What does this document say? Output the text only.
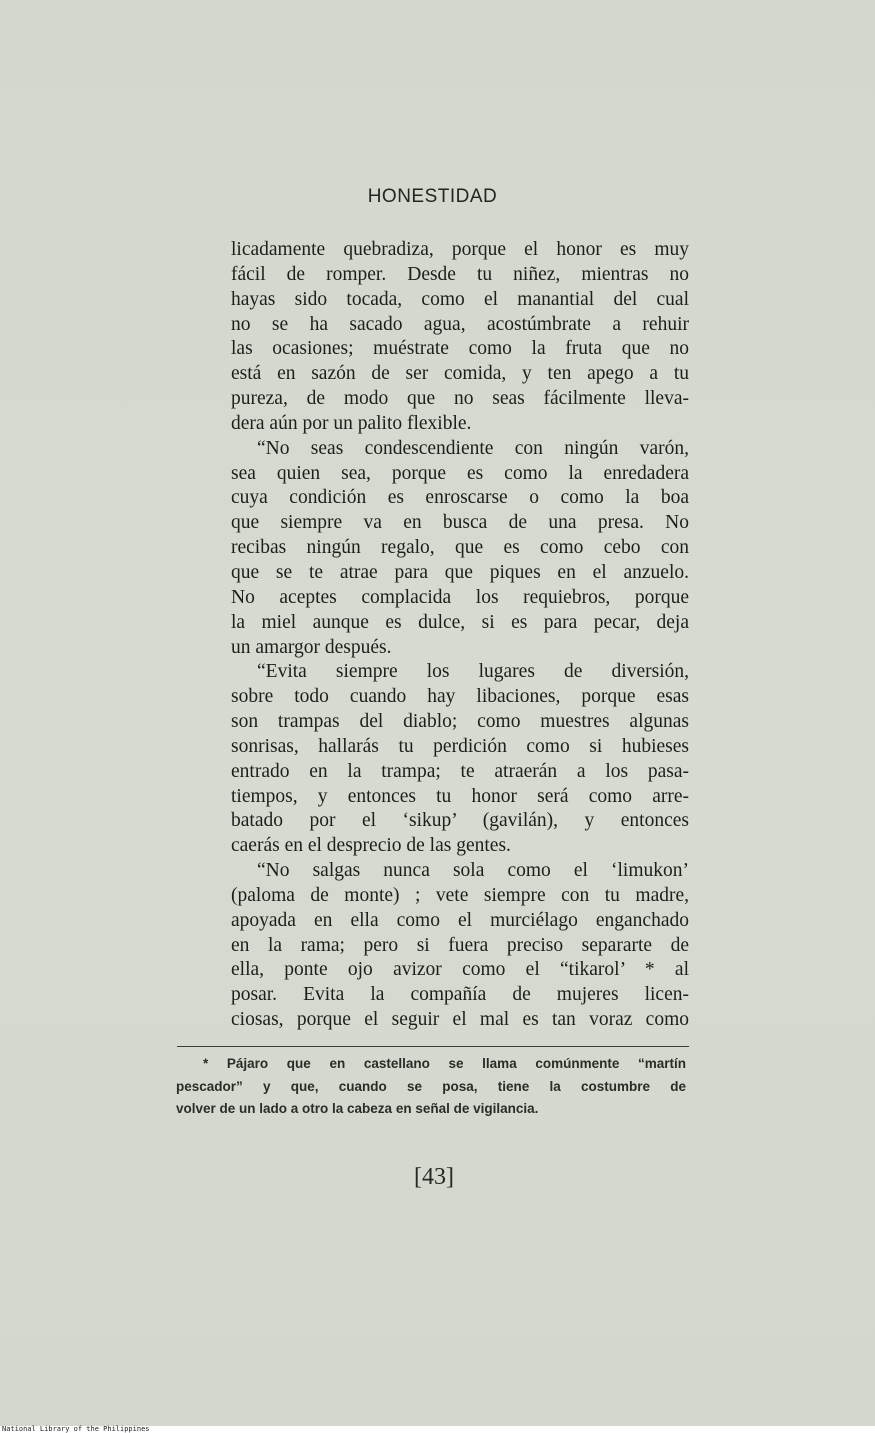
HONESTIDAD
licadamente quebradiza, porque el honor es muy
fácil de romper. Desde tu niñez, mientras no
hayas sido tocada, como el manantial del cual
no se ha sacado agua, acostúmbrate a rehuir
las ocasiones; muéstrate como la fruta que no
está en sazón de ser comida, y ten apego a tu
pureza, de modo que no seas fácilmente lleva-
dera aún por un palito flexible.
“No seas condescendiente con ningún varón,
sea quien sea, porque es como la enredadera
cuya condición es enroscarse o como la boa
que siempre va en busca de una presa. No
recibas ningún regalo, que es como cebo con
que se te atrae para que piques en el anzuelo.
No aceptes complacida los requiebros, porque
la miel aunque es dulce, si es para pecar, deja
un amargor después.
“Evita siempre los lugares de diversión,
sobre todo cuando hay libaciones, porque esas
son trampas del diablo; como muestres algunas
sonrisas, hallarás tu perdición como si hubieses
entrado en la trampa; te atraerán a los pasa-
tiempos, y entonces tu honor será como arre-
batado por el ‘sikup’ (gavilán), y entonces
caerás en el desprecio de las gentes.
“No salgas nunca sola como el ‘limukon’
(paloma de monte) ; vete siempre con tu madre,
apoyada en ella como el murciélago enganchado
en la rama; pero si fuera preciso separarte de
ella, ponte ojo avizor como el “tikarol’ * al
posar. Evita la compañía de mujeres licen-
ciosas, porque el seguir el mal es tan voraz como
* Pájaro que en castellano se llama comúnmente “martín
pescador” y que, cuando se posa, tiene la costumbre de
volver de un lado a otro la cabeza en señal de vigilancia.
[43]
National Library of the Philippines
